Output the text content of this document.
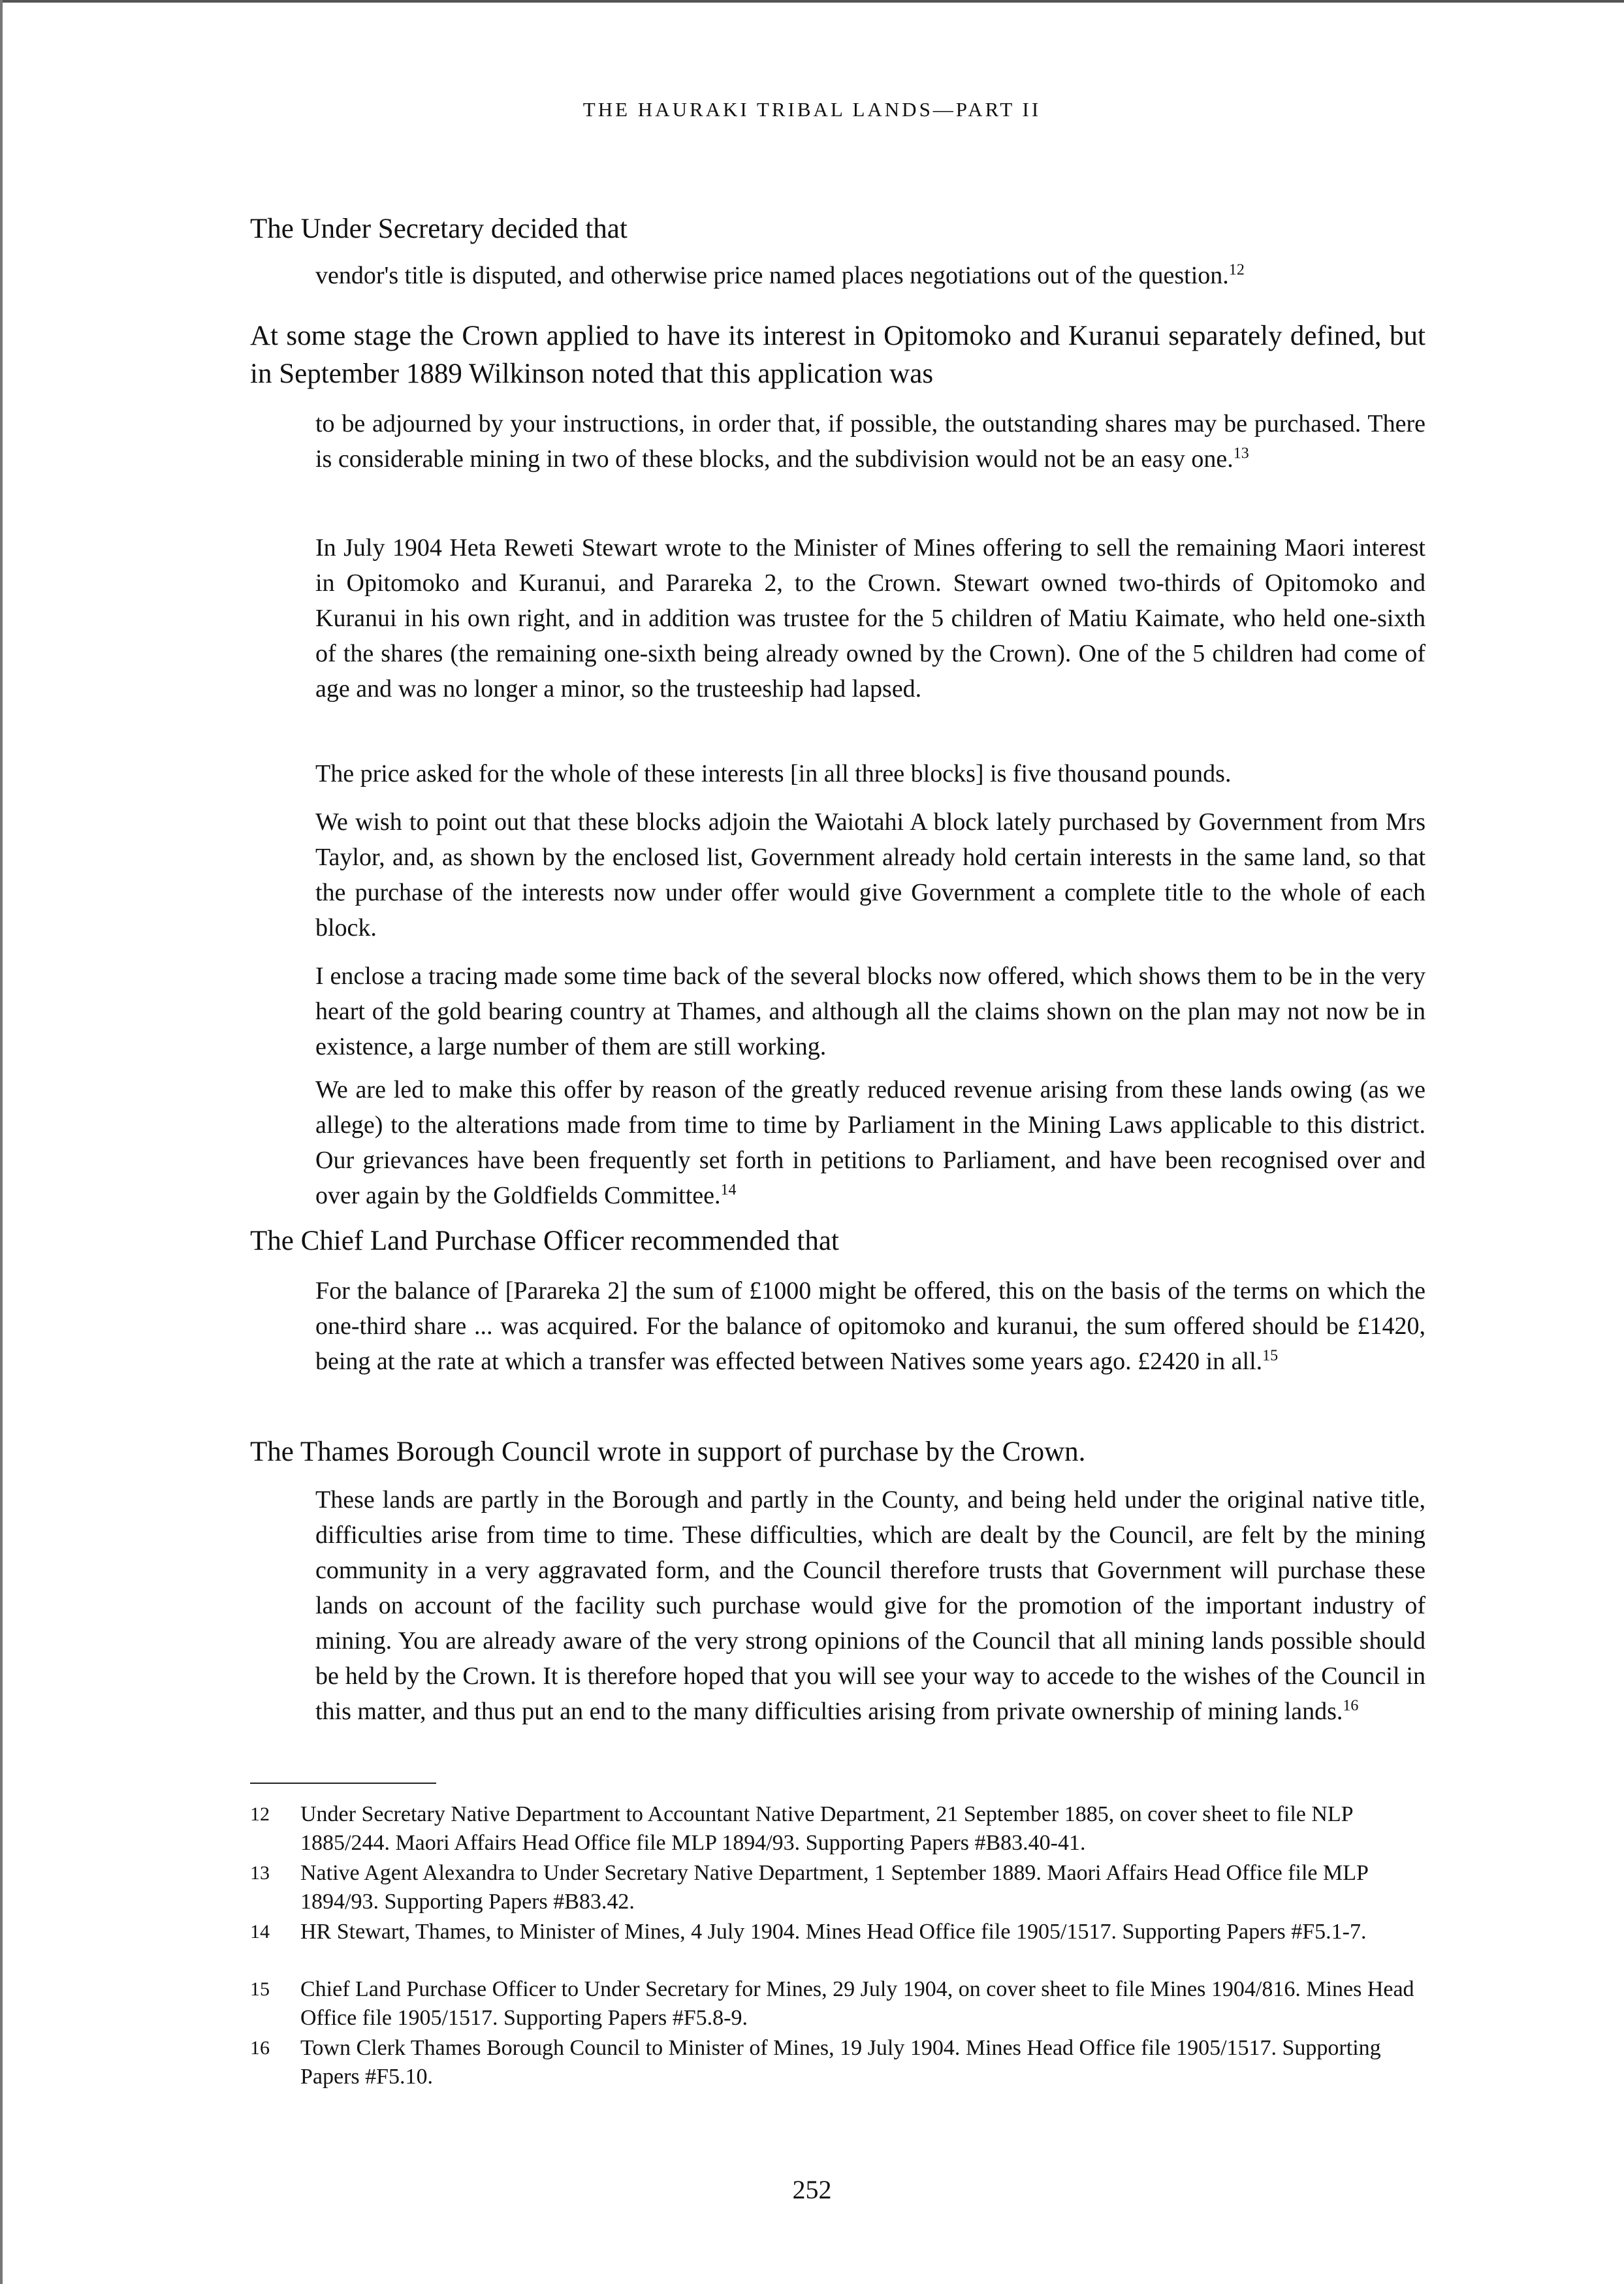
THE HAURAKI TRIBAL LANDS—PART II

The Under Secretary decided that

vendor's title is disputed, and otherwise price named places negotiations out of the question.$^{12}$

At some stage the Crown applied to have its interest in Opitomoko and Kuranui separately defined, but in September 1889 Wilkinson noted that this application was

to be adjourned by your instructions, in order that, if possible, the outstanding shares may be purchased. There is considerable mining in two of these blocks, and the subdivision would not be an easy one.$^{13}$

In July 1904 Heta Reweti Stewart wrote to the Minister of Mines offering to sell the remaining Maori interest in Opitomoko and Kuranui, and Parareka 2, to the Crown. Stewart owned two-thirds of Opitomoko and Kuranui in his own right, and in addition was trustee for the 5 children of Matiu Kaimate, who held one-sixth of the shares (the remaining one-sixth being already owned by the Crown). One of the 5 children had come of age and was no longer a minor, so the trusteeship had lapsed.

The price asked for the whole of these interests [in all three blocks] is five thousand pounds.

We wish to point out that these blocks adjoin the Waiotahi A block lately purchased by Government from Mrs Taylor, and, as shown by the enclosed list, Government already hold certain interests in the same land, so that the purchase of the interests now under offer would give Government a complete title to the whole of each block.

I enclose a tracing made some time back of the several blocks now offered, which shows them to be in the very heart of the gold bearing country at Thames, and although all the claims shown on the plan may not now be in existence, a large number of them are still working.

We are led to make this offer by reason of the greatly reduced revenue arising from these lands owing (as we allege) to the alterations made from time to time by Parliament in the Mining Laws applicable to this district. Our grievances have been frequently set forth in petitions to Parliament, and have been recognised over and over again by the Goldfields Committee.$^{14}$

The Chief Land Purchase Officer recommended that

For the balance of [Parareka 2] the sum of £1000 might be offered, this on the basis of the terms on which the one-third share ... was acquired. For the balance of opitomoko and kuranui, the sum offered should be £1420, being at the rate at which a transfer was effected between Natives some years ago. £2420 in all.$^{15}$

The Thames Borough Council wrote in support of purchase by the Crown.

These lands are partly in the Borough and partly in the County, and being held under the original native title, difficulties arise from time to time. These difficulties, which are dealt by the Council, are felt by the mining community in a very aggravated form, and the Council therefore trusts that Government will purchase these lands on account of the facility such purchase would give for the promotion of the important industry of mining. You are already aware of the very strong opinions of the Council that all mining lands possible should be held by the Crown. It is therefore hoped that you will see your way to accede to the wishes of the Council in this matter, and thus put an end to the many difficulties arising from private ownership of mining lands.$^{16}$

12	Under Secretary Native Department to Accountant Native Department, 21 September 1885, on cover sheet to file NLP 1885/244. Maori Affairs Head Office file MLP 1894/93. Supporting Papers #B83.40-41.
13	Native Agent Alexandra to Under Secretary Native Department, 1 September 1889. Maori Affairs Head Office file MLP 1894/93. Supporting Papers #B83.42.
14	HR Stewart, Thames, to Minister of Mines, 4 July 1904. Mines Head Office file 1905/1517. Supporting Papers #F5.1-7.
15	Chief Land Purchase Officer to Under Secretary for Mines, 29 July 1904, on cover sheet to file Mines 1904/816. Mines Head Office file 1905/1517. Supporting Papers #F5.8-9.
16	Town Clerk Thames Borough Council to Minister of Mines, 19 July 1904. Mines Head Office file 1905/1517. Supporting Papers #F5.10.
252
